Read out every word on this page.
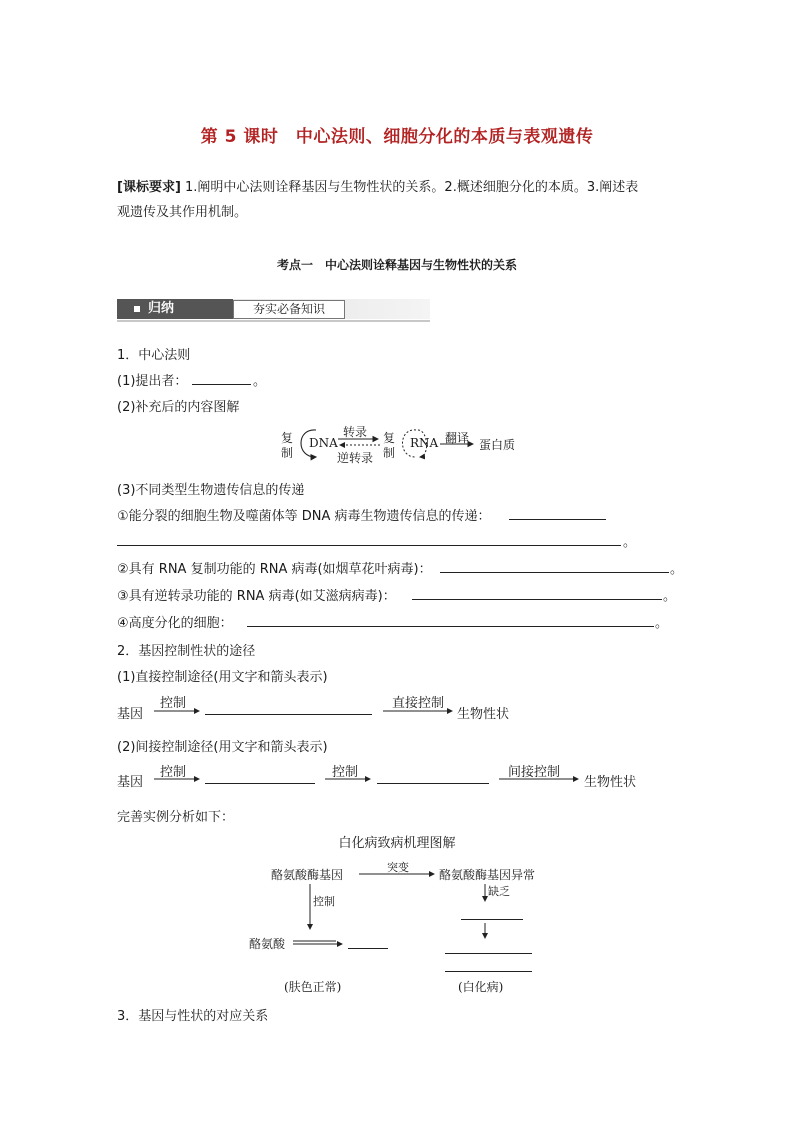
第 5 课时　中心法则、细胞分化的本质与表观遗传
[课标要求] 1.阐明中心法则诠释基因与生物性状的关系。2.概述细胞分化的本质。3.阐述表
观遗传及其作用机制。
考点一　中心法则诠释基因与生物性状的关系
归纳	夯实必备知识
1．中心法则
(1)提出者：	。
(2)补充后的内容图解
复
制
DNA
转录
逆转录
复
制
RNA 翻译 蛋白质
(3)不同类型生物遗传信息的传递
①能分裂的细胞生物及噬菌体等 DNA 病毒生物遗传信息的传递：
。
②具有 RNA 复制功能的 RNA 病毒(如烟草花叶病毒)：	。
③具有逆转录功能的 RNA 病毒(如艾滋病病毒)：	。
④高度分化的细胞：	。
2．基因控制性状的途径
(1)直接控制途径(用文字和箭头表示)
基因
控制	直接控制
生物性状
(2)间接控制途径(用文字和箭头表示)
基因
控制	控制	间接控制
生物性状
完善实例分析如下：
白化病致病机理图解
酪氨酸酶基因
突变
酪氨酸酶基因异常
控制
缺乏
酪氨酸
(肤色正常)	(白化病)
3．基因与性状的对应关系
